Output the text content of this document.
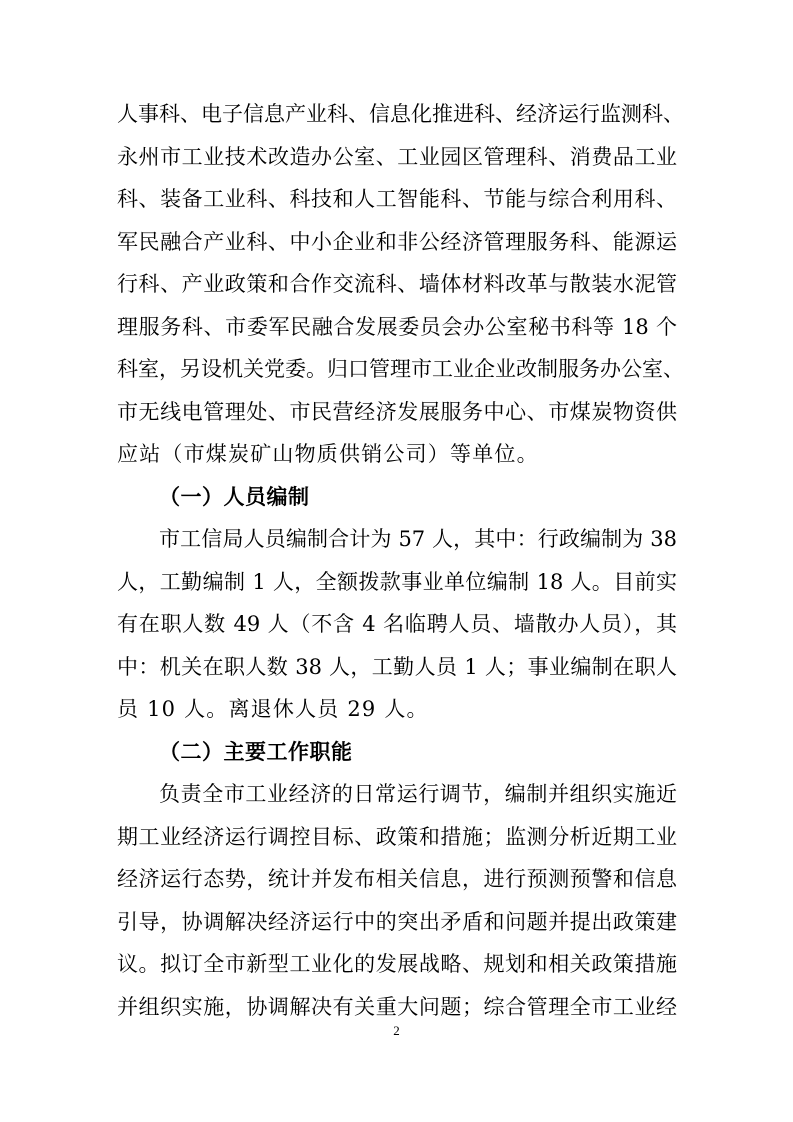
人事科、电子信息产业科、信息化推进科、经济运行监测科、
永州市工业技术改造办公室、工业园区管理科、消费品工业
科、装备工业科、科技和人工智能科、节能与综合利用科、
军民融合产业科、中小企业和非公经济管理服务科、能源运
行科、产业政策和合作交流科、墙体材料改革与散装水泥管
理服务科、市委军民融合发展委员会办公室秘书科等 18 个
科室，另设机关党委。归口管理市工业企业改制服务办公室、
市无线电管理处、市民营经济发展服务中心、市煤炭物资供
应站（市煤炭矿山物质供销公司）等单位。
（一）人员编制
市工信局人员编制合计为 57 人，其中：行政编制为 38
人，工勤编制 1 人，全额拨款事业单位编制 18 人。目前实
有在职人数 49 人（不含 4 名临聘人员、墙散办人员），其
中：机关在职人数 38 人，工勤人员 1 人；事业编制在职人
员 10 人。离退休人员 29 人。
（二）主要工作职能
负责全市工业经济的日常运行调节，编制并组织实施近
期工业经济运行调控目标、政策和措施；监测分析近期工业
经济运行态势，统计并发布相关信息，进行预测预警和信息
引导，协调解决经济运行中的突出矛盾和问题并提出政策建
议。拟订全市新型工业化的发展战略、规划和相关政策措施
并组织实施，协调解决有关重大问题；综合管理全市工业经
2
